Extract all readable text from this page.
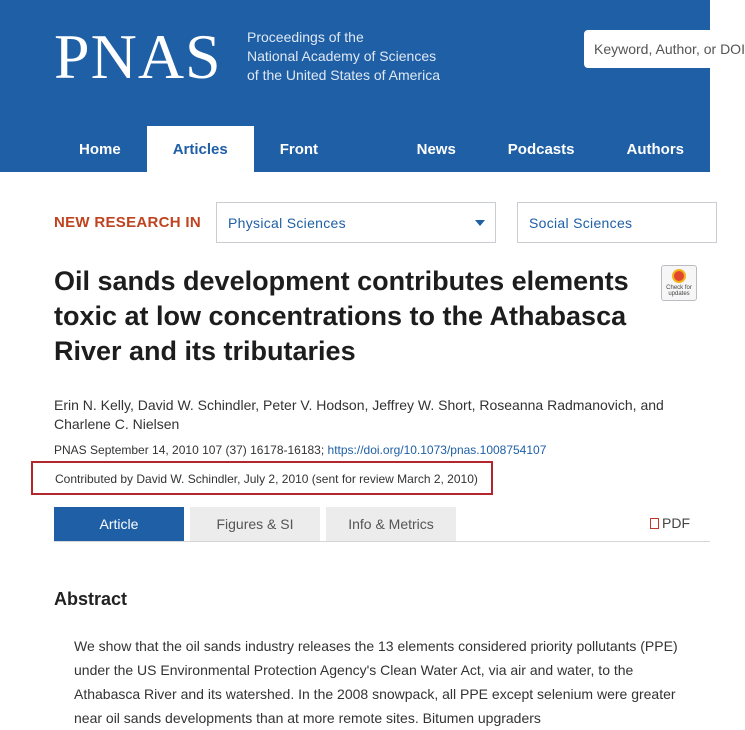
PNAS Proceedings of the
National Academy of Sciences
of the United States of America
Keyword, Author, or DOI
Home	Articles	Front Matter
News	Podcasts	Authors
NEW RESEARCH IN	Physical Sciences	Social Sciences
Oil sands development contributes elements toxic at low concentrations to the Athabasca River and its tributaries
Check for updates
Erin N. Kelly, David W. Schindler, Peter V. Hodson, Jeffrey W. Short, Roseanna Radmanovich, and Charlene C. Nielsen
PNAS September 14, 2010 107 (37) 16178-16183; https://doi.org/10.1073/pnas.1008754107
Contributed by David W. Schindler, July 2, 2010 (sent for review March 2, 2010)
Article	Figures & SI	Info & Metrics	PDF
Abstract
We show that the oil sands industry releases the 13 elements considered priority pollutants (PPE) under the US Environmental Protection Agency's Clean Water Act, via air and water, to the Athabasca River and its watershed. In the 2008 snowpack, all PPE except selenium were greater near oil sands developments than at more remote sites. Bitumen upgraders
